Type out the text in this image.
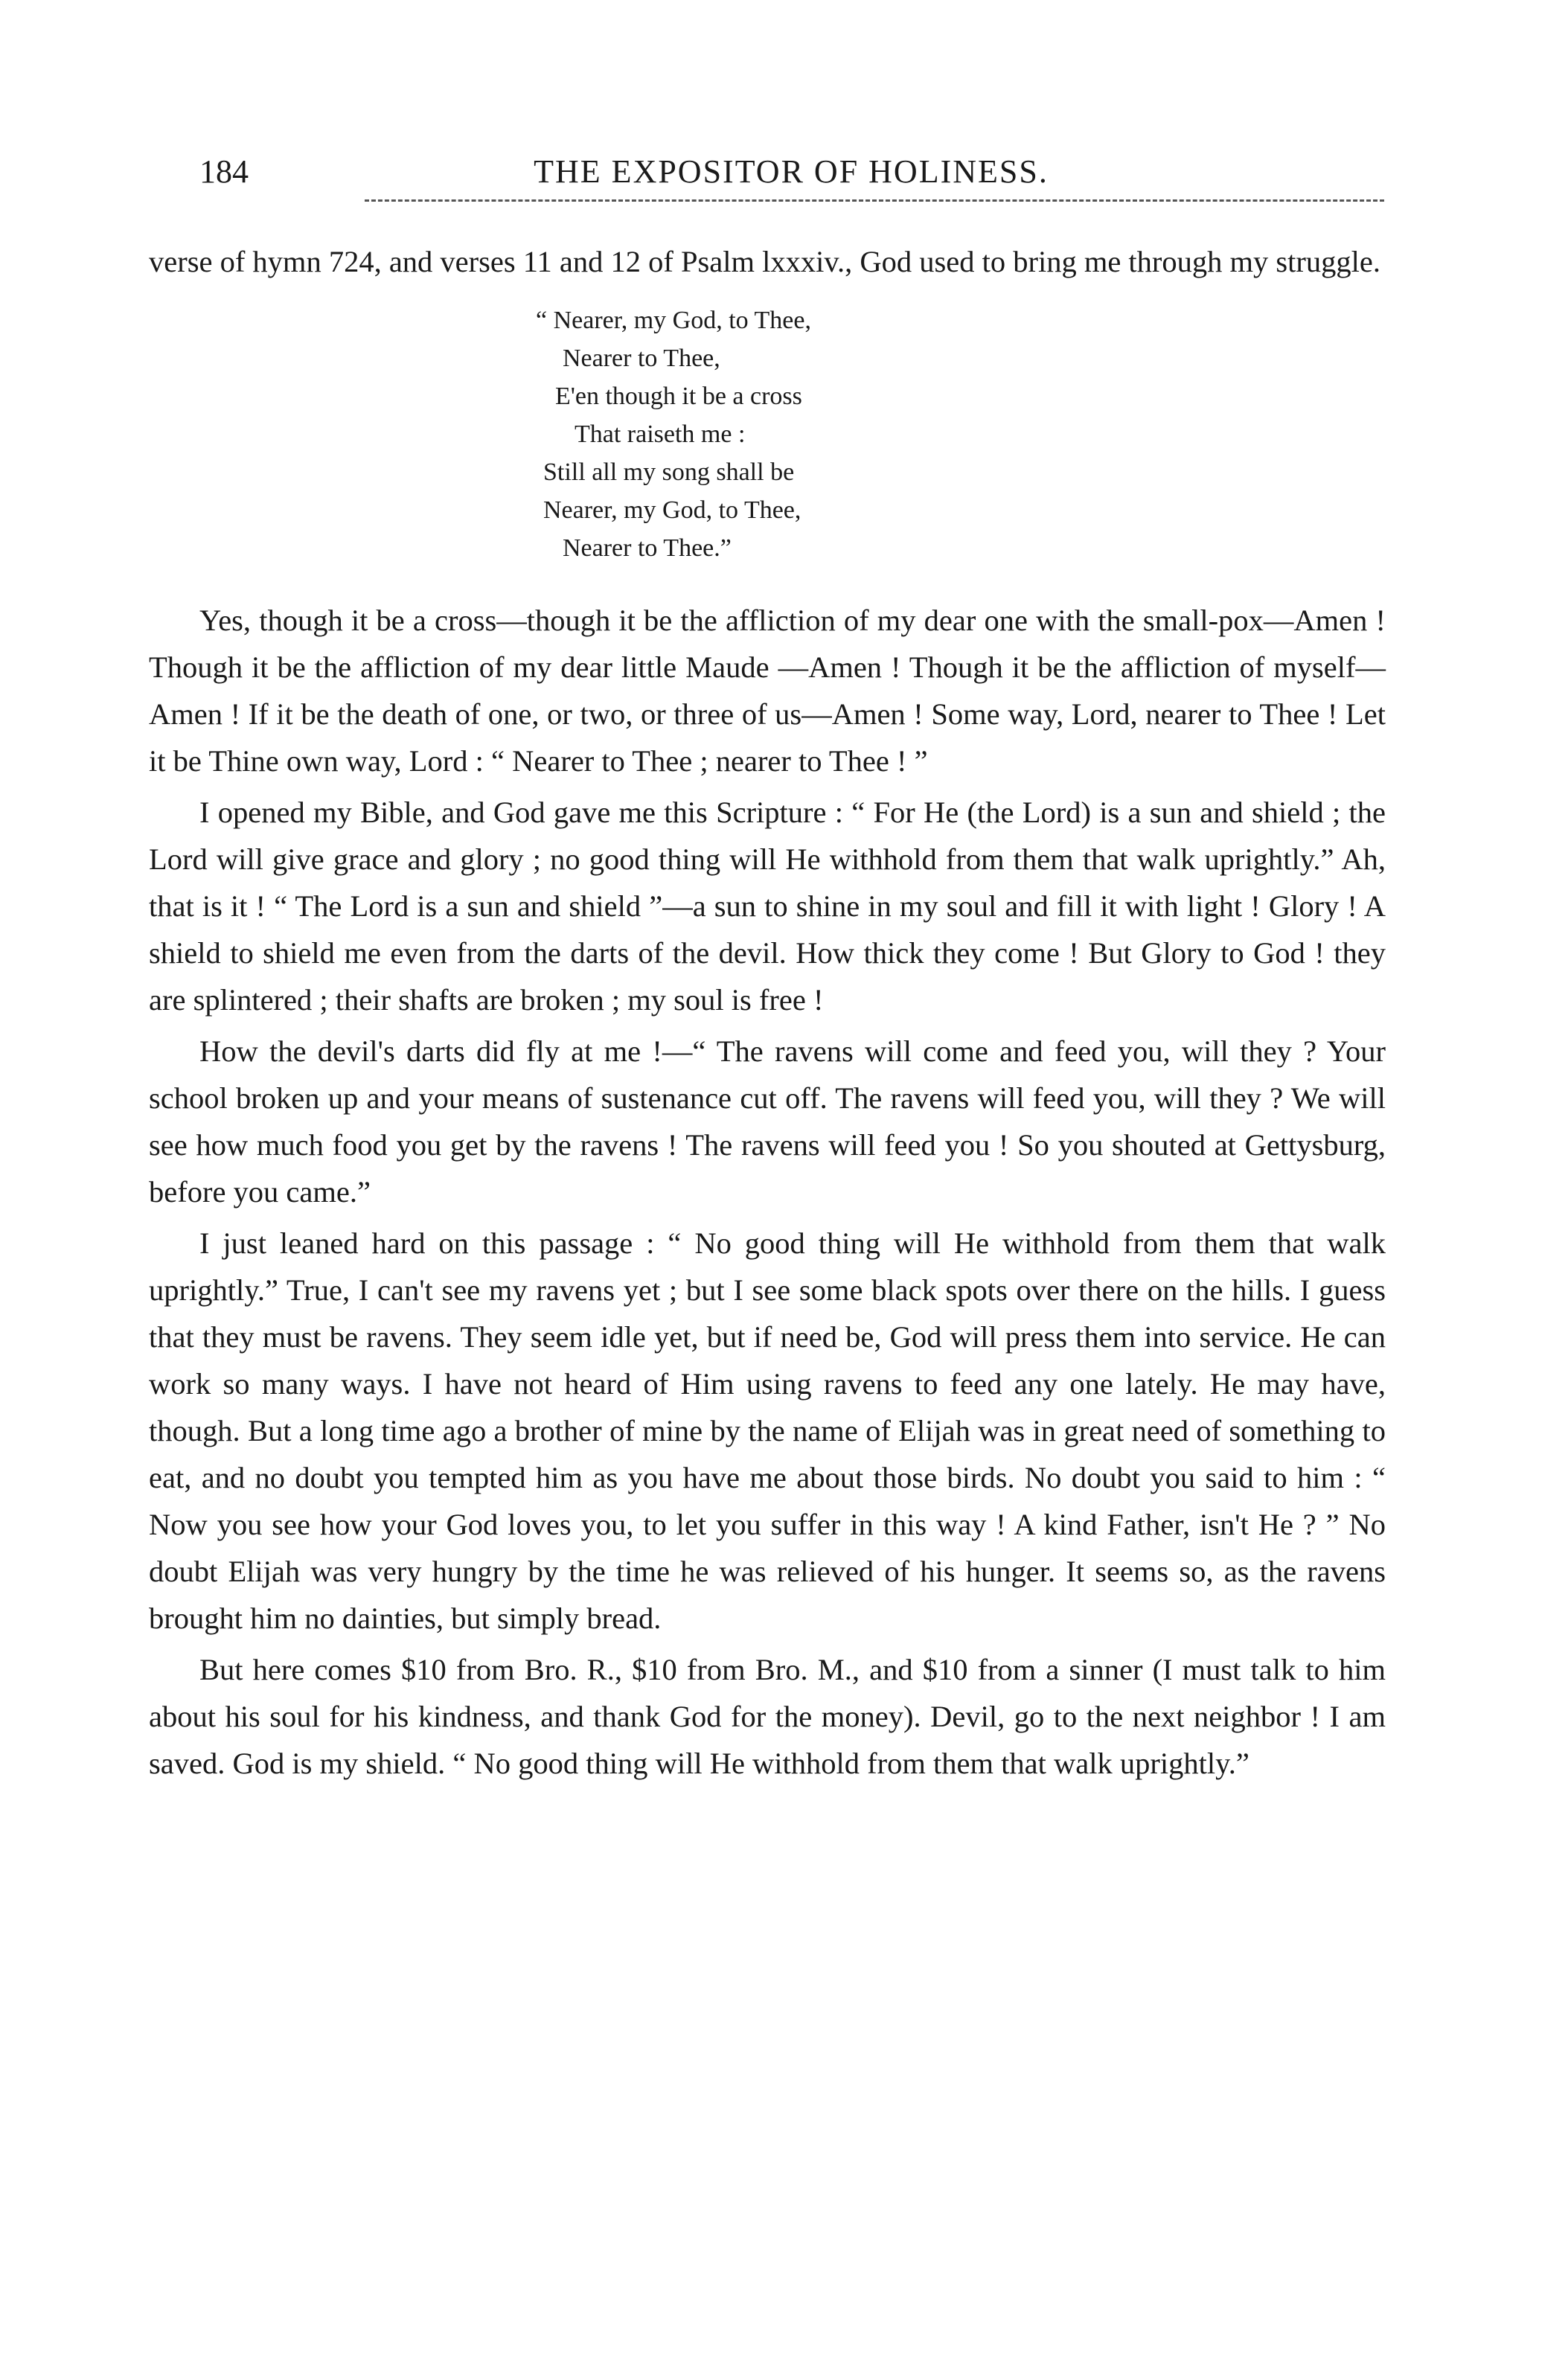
184	THE EXPOSITOR OF HOLINESS.

verse of hymn 724, and verses 11 and 12 of Psalm lxxxiv., God used to bring me through my struggle.

“ Nearer, my God, to Thee,
Nearer to Thee,
E'en though it be a cross
That raiseth me :
Still all my song shall be
Nearer, my God, to Thee,
Nearer to Thee.”

Yes, though it be a cross—though it be the affliction of my dear one with the small-pox—Amen ! Though it be the affliction of my dear little Maude —Amen ! Though it be the affliction of myself—Amen ! If it be the death of one, or two, or three of us—Amen ! Some way, Lord, nearer to Thee ! Let it be Thine own way, Lord : “ Nearer to Thee ; nearer to Thee ! ”

I opened my Bible, and God gave me this Scripture : “ For He (the Lord) is a sun and shield ; the Lord will give grace and glory ; no good thing will He withhold from them that walk uprightly.” Ah, that is it ! “ The Lord is a sun and shield ”—a sun to shine in my soul and fill it with light ! Glory ! A shield to shield me even from the darts of the devil. How thick they come ! But Glory to God ! they are splintered ; their shafts are broken ; my soul is free !

How the devil's darts did fly at me !—“ The ravens will come and feed you, will they ? Your school broken up and your means of sustenance cut off. The ravens will feed you, will they ? We will see how much food you get by the ravens ! The ravens will feed you ! So you shouted at Gettysburg, before you came.”

I just leaned hard on this passage : “ No good thing will He withhold from them that walk uprightly.” True, I can't see my ravens yet ; but I see some black spots over there on the hills. I guess that they must be ravens. They seem idle yet, but if need be, God will press them into service. He can work so many ways. I have not heard of Him using ravens to feed any one lately. He may have, though. But a long time ago a brother of mine by the name of Elijah was in great need of something to eat, and no doubt you tempted him as you have me about those birds. No doubt you said to him : “ Now you see how your God loves you, to let you suffer in this way ! A kind Father, isn't He ? ” No doubt Elijah was very hungry by the time he was relieved of his hunger. It seems so, as the ravens brought him no dainties, but simply bread.

But here comes $10 from Bro. R., $10 from Bro. M., and $10 from a sinner (I must talk to him about his soul for his kindness, and thank God for the money). Devil, go to the next neighbor ! I am saved. God is my shield. “ No good thing will He withhold from them that walk uprightly.”
